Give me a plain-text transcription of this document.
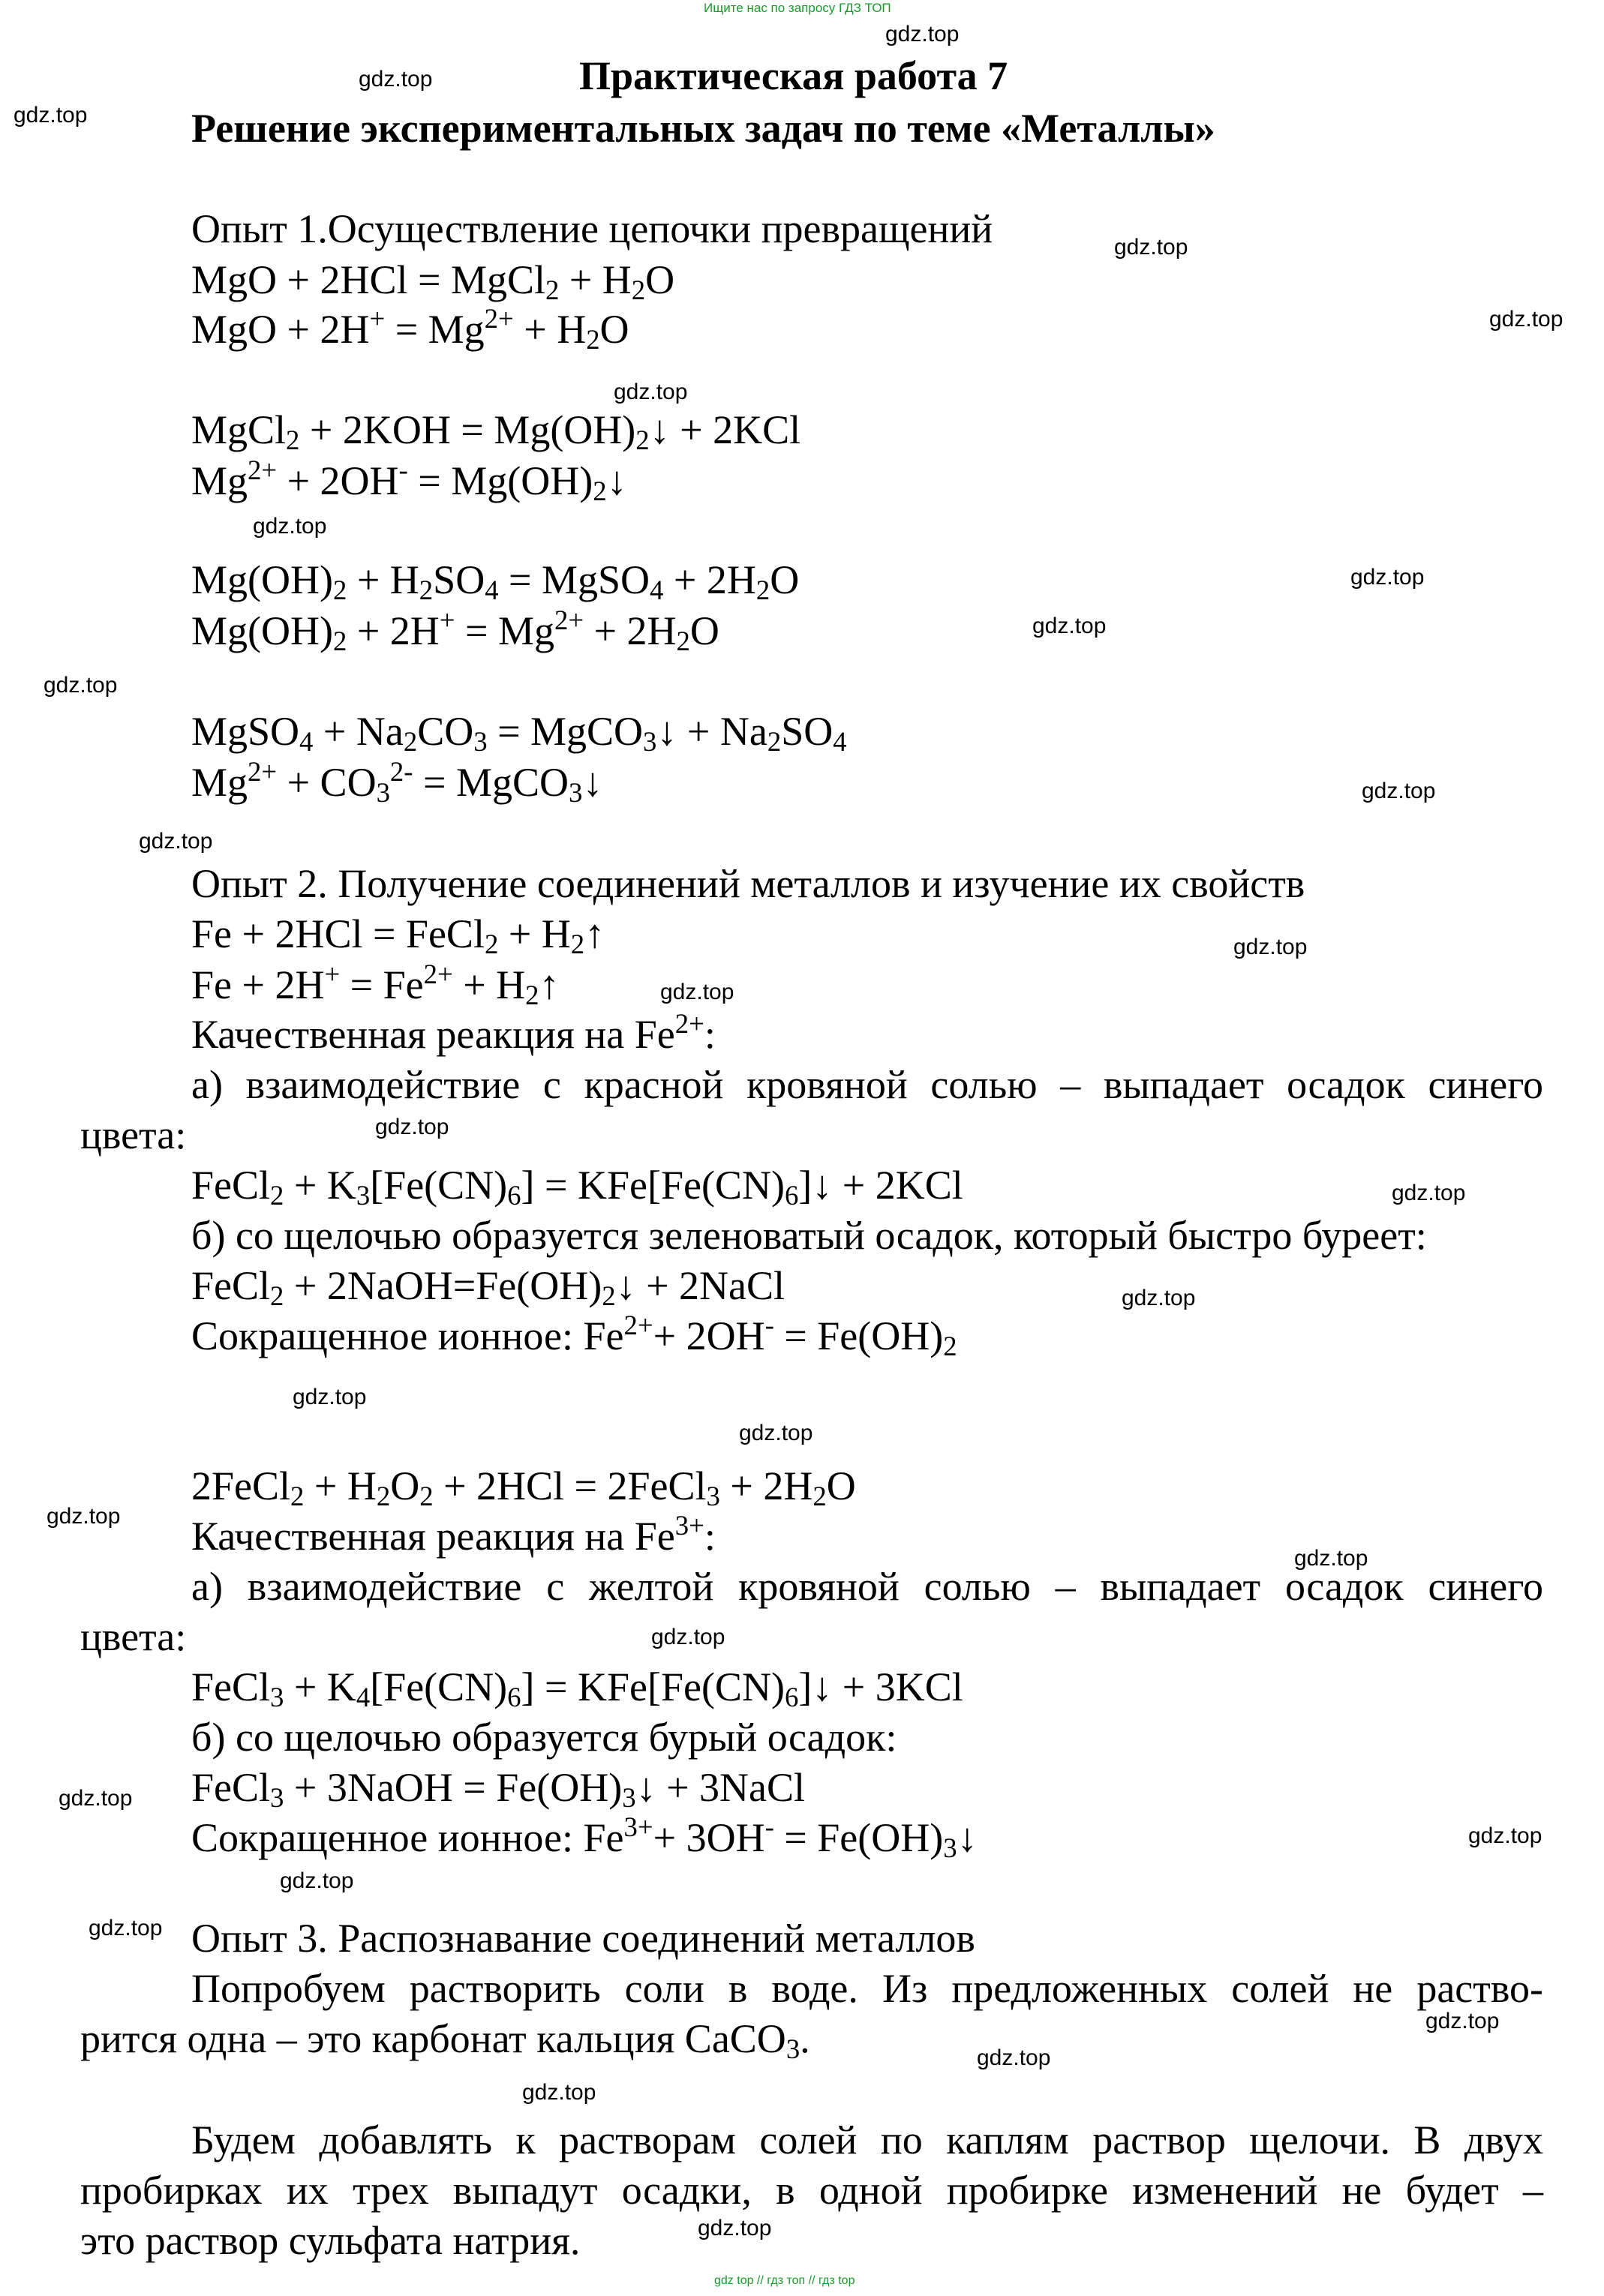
Ищите нас по запросу ГДЗ ТОП
Практическая работа 7
Решение экспериментальных задач по теме «Металлы»
Опыт 1.Осуществление цепочки превращений
MgO + 2HCl = MgCl$_2$ + $H_2O$
MgO + $2H^+ = Mg^{2+} + H_2O$
MgCl$_2$ + $2KOH = Mg(OH)_2↓ + 2KCl$
$Mg^{2+} + 2OH^-$ = $Mg(OH)_2↓$
$Mg(OH)_2 + H_2SO_4$ = MgSO$_4$ + $2H_2O$
$Mg(OH)_2 + 2H^+ = Mg^{2+} + 2H_2O$
MgSO$_4$ + $Na_2CO_3$ = MgCO$_3$↓ + $Na_2SO_4$
$Mg^{2+} + CO_3^{2-}$ = MgCO$_3$↓
Опыт 2. Получение соединений металлов и изучение их свойств
Fe + 2HCl = FeCl$_2$ + $H_2↑$
$Fe + 2H^+ = Fe^{2+}$ + $H_2↑$
Качественная реакция на $Fe^{2+}$:
а) взаимодействие с красной кровяной солью – выпадает осадок синего
цвета:
FeCl$_2$ + $K_3[Fe(CN)_6]$ = $KFe[Fe(CN)_6]↓ + 2KCl$
б) со щелочью образуется зеленоватый осадок, который быстро буреет:
FeCl$_2$ + $2NaOH=Fe(OH)_2↓$ + 2NaCl
Сокращенное ионное: $Fe^{2+}+ 2OH^- = Fe(OH)_2$
2FeCl$_2$ + $H_2O_2 + 2HCl$ = 2FeCl$_3$ + $2H_2O$
Качественная реакция на $Fe^{3+}$:
а) взаимодействие с желтой кровяной солью – выпадает осадок синего
цвета:
FeCl$_3$ + $K_4[Fe(CN)_6]$ = $KFe[Fe(CN)_6]↓ + 3KCl$
б) со щелочью образуется бурый осадок:
FeCl$_3$ + 3NaOH = $Fe(OH)_3↓$ + 3NaCl
Сокращенное ионное: $Fe^{3+}+ 3OH^-$ = $Fe(OH)_3↓$
Опыт 3. Распознавание соединений металлов
Попробуем растворить соли в воде. Из предложенных солей не раство-
рится одна – это карбонат кальция CaCO$_3$.
Будем добавлять к растворам солей по каплям раствор щелочи. В двух
пробирках их трех выпадут осадки, в одной пробирке изменений не будет –
это раствор сульфата натрия.
gdz.top
gdz.top
gdz.top
gdz.top
gdz.top
gdz.top
gdz.top
gdz.top
gdz.top
gdz.top
gdz.top
gdz.top
gdz.top
gdz.top
gdz.top
gdz.top
gdz.top
gdz.top
gdz.top
gdz.top
gdz.top
gdz.top
gdz.top
gdz.top
gdz.top
gdz.top
gdz.top
gdz.top
gdz.top
gdz.top
gdz top // гдз топ // гдз top
